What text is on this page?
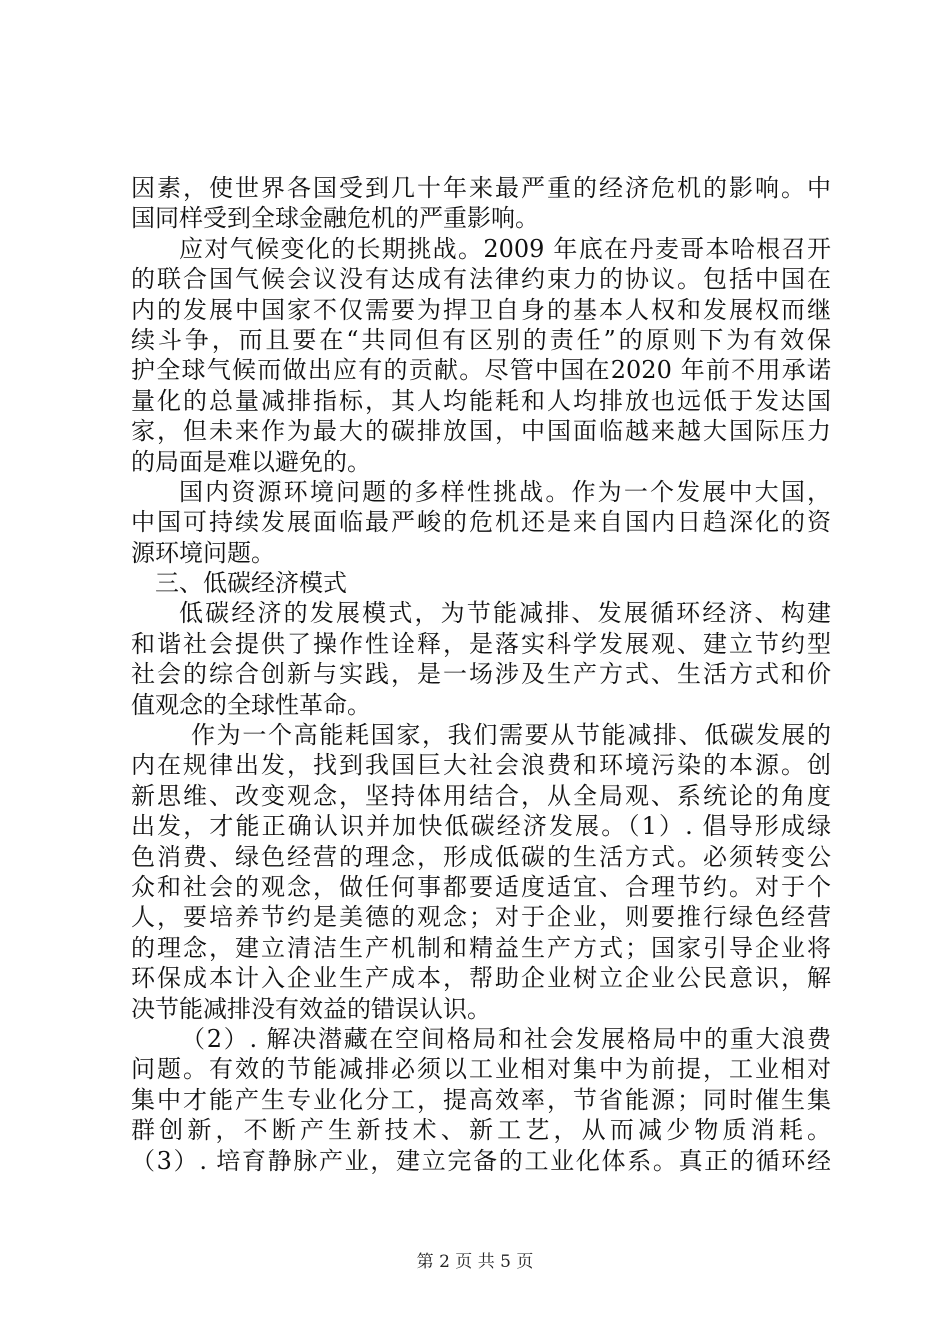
因素，使世界各国受到几十年来最严重的经济危机的影响。中
国同样受到全球金融危机的严重影响。
应对气候变化的长期挑战。2009 年底在丹麦哥本哈根召开
的联合国气候会议没有达成有法律约束力的协议。包括中国在
内的发展中国家不仅需要为捍卫自身的基本人权和发展权而继
续斗争，而且要在“共同但有区别的责任”的原则下为有效保
护全球气候而做出应有的贡献。尽管中国在2020 年前不用承诺
量化的总量减排指标，其人均能耗和人均排放也远低于发达国
家，但未来作为最大的碳排放国，中国面临越来越大国际压力
的局面是难以避免的。
国内资源环境问题的多样性挑战。作为一个发展中大国，
中国可持续发展面临最严峻的危机还是来自国内日趋深化的资
源环境问题。
三、低碳经济模式
低碳经济的发展模式，为节能减排、发展循环经济、构建
和谐社会提供了操作性诠释，是落实科学发展观、建立节约型
社会的综合创新与实践，是一场涉及生产方式、生活方式和价
值观念的全球性革命。
作为一个高能耗国家，我们需要从节能减排、低碳发展的
内在规律出发，找到我国巨大社会浪费和环境污染的本源。创
新思维、改变观念，坚持体用结合，从全局观、系统论的角度
出发，才能正确认识并加快低碳经济发展。（1）. 倡导形成绿
色消费、绿色经营的理念，形成低碳的生活方式。必须转变公
众和社会的观念，做任何事都要适度适宜、合理节约。对于个
人，要培养节约是美德的观念；对于企业，则要推行绿色经营
的理念，建立清洁生产机制和精益生产方式；国家引导企业将
环保成本计入企业生产成本，帮助企业树立企业公民意识，解
决节能减排没有效益的错误认识。
（2）. 解决潜藏在空间格局和社会发展格局中的重大浪费
问题。有效的节能减排必须以工业相对集中为前提，工业相对
集中才能产生专业化分工，提高效率，节省能源；同时催生集
群创新，不断产生新技术、新工艺，从而减少物质消耗。
（3）. 培育静脉产业，建立完备的工业化体系。真正的循环经
第 2 页 共 5 页
